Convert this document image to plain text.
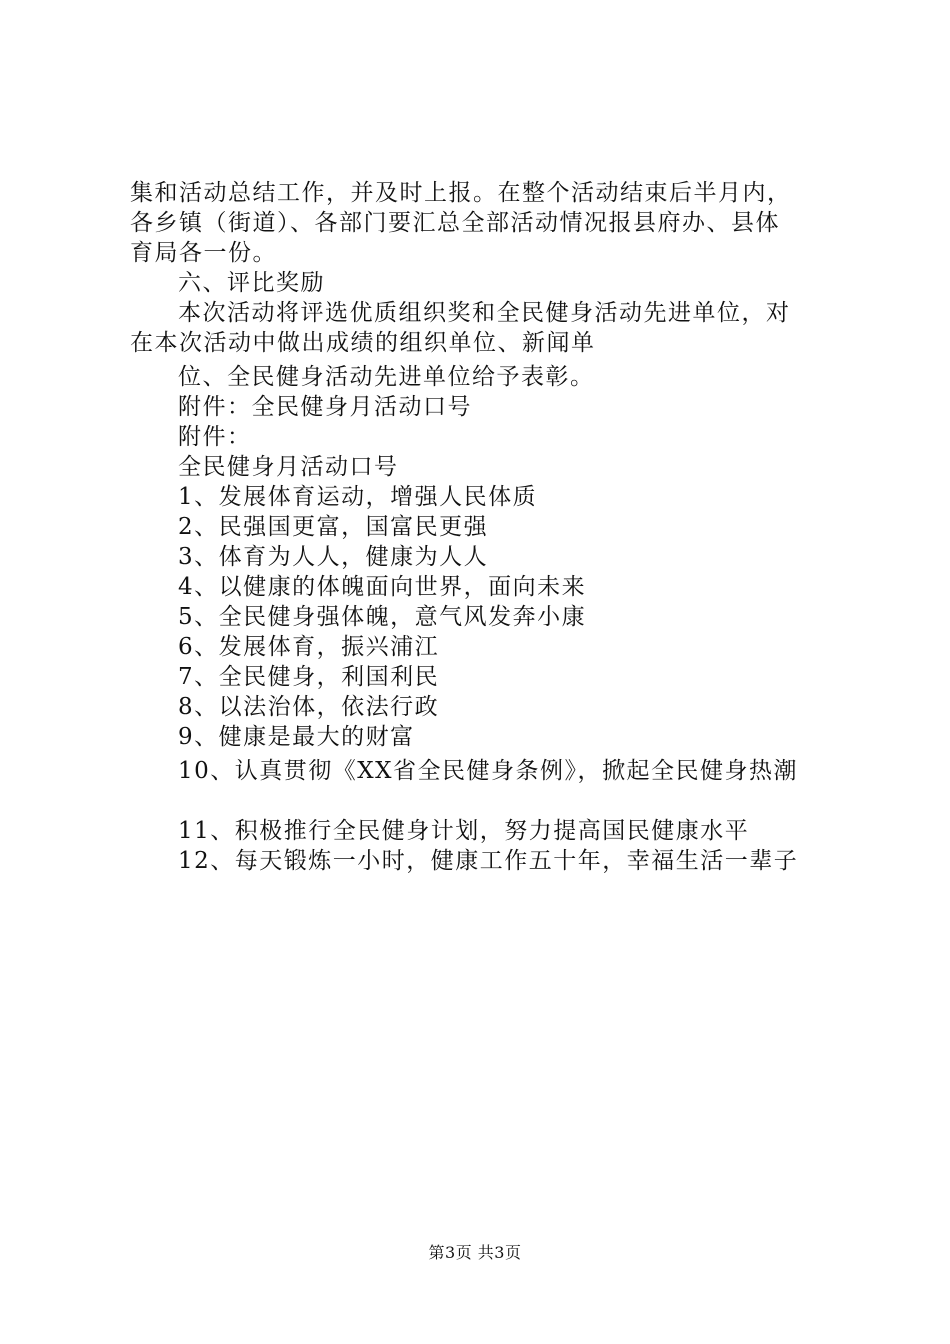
集和活动总结工作，并及时上报。在整个活动结束后半月内，
各乡镇（街道）、各部门要汇总全部活动情况报县府办、县体
育局各一份。
六、评比奖励
本次活动将评选优质组织奖和全民健身活动先进单位，对
在本次活动中做出成绩的组织单位、新闻单
位、全民健身活动先进单位给予表彰。
附件：全民健身月活动口号
附件：
全民健身月活动口号
1、发展体育运动，增强人民体质
2、民强国更富，国富民更强
3、体育为人人，健康为人人
4、以健康的体魄面向世界，面向未来
5、全民健身强体魄，意气风发奔小康
6、发展体育，振兴浦江
7、全民健身，利国利民
8、以法治体，依法行政
9、健康是最大的财富
10、认真贯彻《XX省全民健身条例》，掀起全民健身热潮
11、积极推行全民健身计划，努力提高国民健康水平
12、每天锻炼一小时，健康工作五十年，幸福生活一辈子
第3页 共3页
